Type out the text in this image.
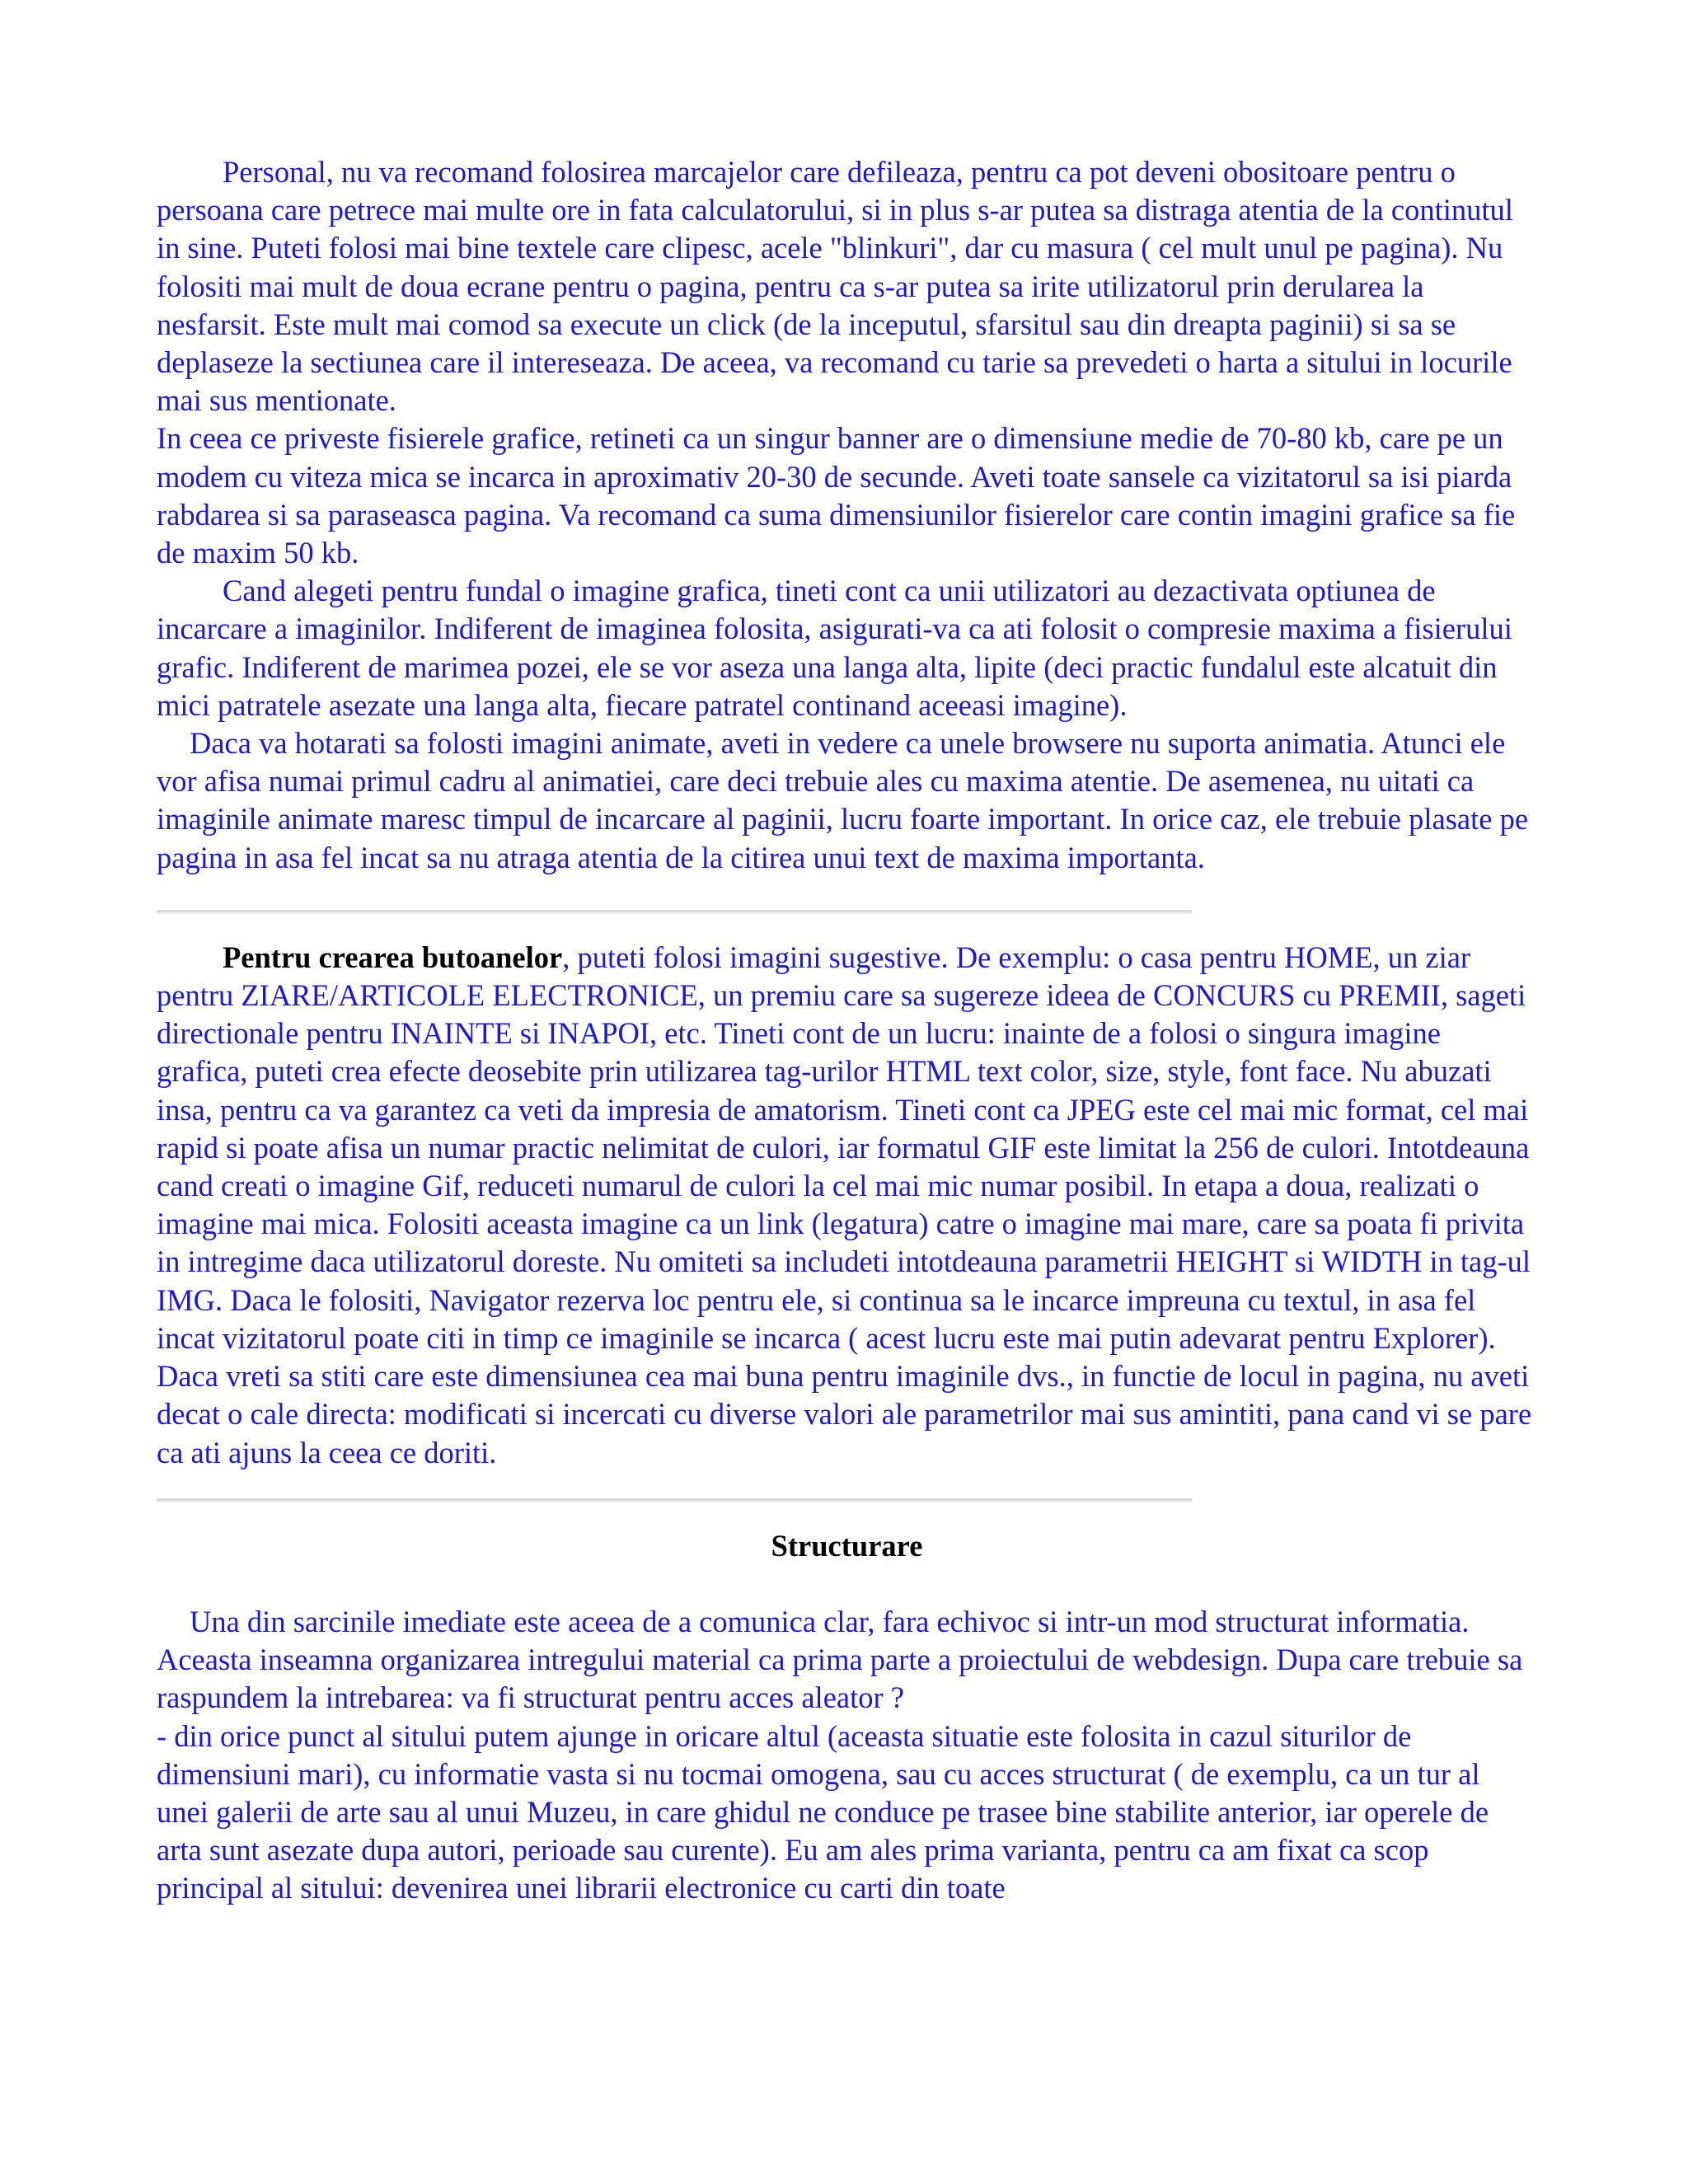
Personal, nu va recomand folosirea marcajelor care defileaza, pentru ca pot deveni obositoare pentru o persoana care petrece mai multe ore in fata calculatorului, si in plus s-ar putea sa distraga atentia de la continutul in sine. Puteti folosi mai bine textele care clipesc, acele "blinkuri", dar cu masura ( cel mult unul pe pagina). Nu folositi mai mult de doua ecrane pentru o pagina, pentru ca s-ar putea sa irite utilizatorul prin derularea la nesfarsit. Este mult mai comod sa execute un click (de la inceputul, sfarsitul sau din dreapta paginii) si sa se deplaseze la sectiunea care il intereseaza. De aceea, va recomand cu tarie sa prevedeti o harta a sitului in locurile mai sus mentionate.

In ceea ce priveste fisierele grafice, retineti ca un singur banner are o dimensiune medie de 70-80 kb, care pe un modem cu viteza mica se incarca in aproximativ 20-30 de secunde. Aveti toate sansele ca vizitatorul sa isi piarda rabdarea si sa paraseasca pagina. Va recomand ca suma dimensiunilor fisierelor care contin imagini grafice sa fie de maxim 50 kb.

Cand alegeti pentru fundal o imagine grafica, tineti cont ca unii utilizatori au dezactivata optiunea de incarcare a imaginilor. Indiferent de imaginea folosita, asigurati-va ca ati folosit o compresie maxima a fisierului grafic. Indiferent de marimea pozei, ele se vor aseza una langa alta, lipite (deci practic fundalul este alcatuit din mici patratele asezate una langa alta, fiecare patratel continand aceeasi imagine).

Daca va hotarati sa folosti imagini animate, aveti in vedere ca unele browsere nu suporta animatia. Atunci ele vor afisa numai primul cadru al animatiei, care deci trebuie ales cu maxima atentie. De asemenea, nu uitati ca imaginile animate maresc timpul de incarcare al paginii, lucru foarte important. In orice caz, ele trebuie plasate pe pagina in asa fel incat sa nu atraga atentia de la citirea unui text de maxima importanta.

Pentru crearea butoanelor, puteti folosi imagini sugestive. De exemplu: o casa pentru HOME, un ziar pentru ZIARE/ARTICOLE ELECTRONICE, un premiu care sa sugereze ideea de CONCURS cu PREMII, sageti directionale pentru INAINTE si INAPOI, etc. Tineti cont de un lucru: inainte de a folosi o singura imagine grafica, puteti crea efecte deosebite prin utilizarea tag-urilor HTML text color, size, style, font face. Nu abuzati insa, pentru ca va garantez ca veti da impresia de amatorism. Tineti cont ca JPEG este cel mai mic format, cel mai rapid si poate afisa un numar practic nelimitat de culori, iar formatul GIF este limitat la 256 de culori. Intotdeauna cand creati o imagine Gif, reduceti numarul de culori la cel mai mic numar posibil. In etapa a doua, realizati o imagine mai mica. Folositi aceasta imagine ca un link (legatura) catre o imagine mai mare, care sa poata fi privita in intregime daca utilizatorul doreste. Nu omiteti sa includeti intotdeauna parametrii HEIGHT si WIDTH in tag-ul IMG. Daca le folositi, Navigator rezerva loc pentru ele, si continua sa le incarce impreuna cu textul, in asa fel incat vizitatorul poate citi in timp ce imaginile se incarca ( acest lucru este mai putin adevarat pentru Explorer). Daca vreti sa stiti care este dimensiunea cea mai buna pentru imaginile dvs., in functie de locul in pagina, nu aveti decat o cale directa: modificati si incercati cu diverse valori ale parametrilor mai sus amintiti, pana cand vi se pare ca ati ajuns la ceea ce doriti.

Structurare

Una din sarcinile imediate este aceea de a comunica clar, fara echivoc si intr-un mod structurat informatia. Aceasta inseamna organizarea intregului material ca prima parte a proiectului de webdesign. Dupa care trebuie sa raspundem la intrebarea: va fi structurat pentru acces aleator ?

- din orice punct al sitului putem ajunge in oricare altul (aceasta situatie este folosita in cazul siturilor de dimensiuni mari), cu informatie vasta si nu tocmai omogena, sau cu acces structurat ( de exemplu, ca un tur al unei galerii de arte sau al unui Muzeu, in care ghidul ne conduce pe trasee bine stabilite anterior, iar operele de arta sunt asezate dupa autori, perioade sau curente). Eu am ales prima varianta, pentru ca am fixat ca scop principal al sitului: devenirea unei librarii electronice cu carti din toate
